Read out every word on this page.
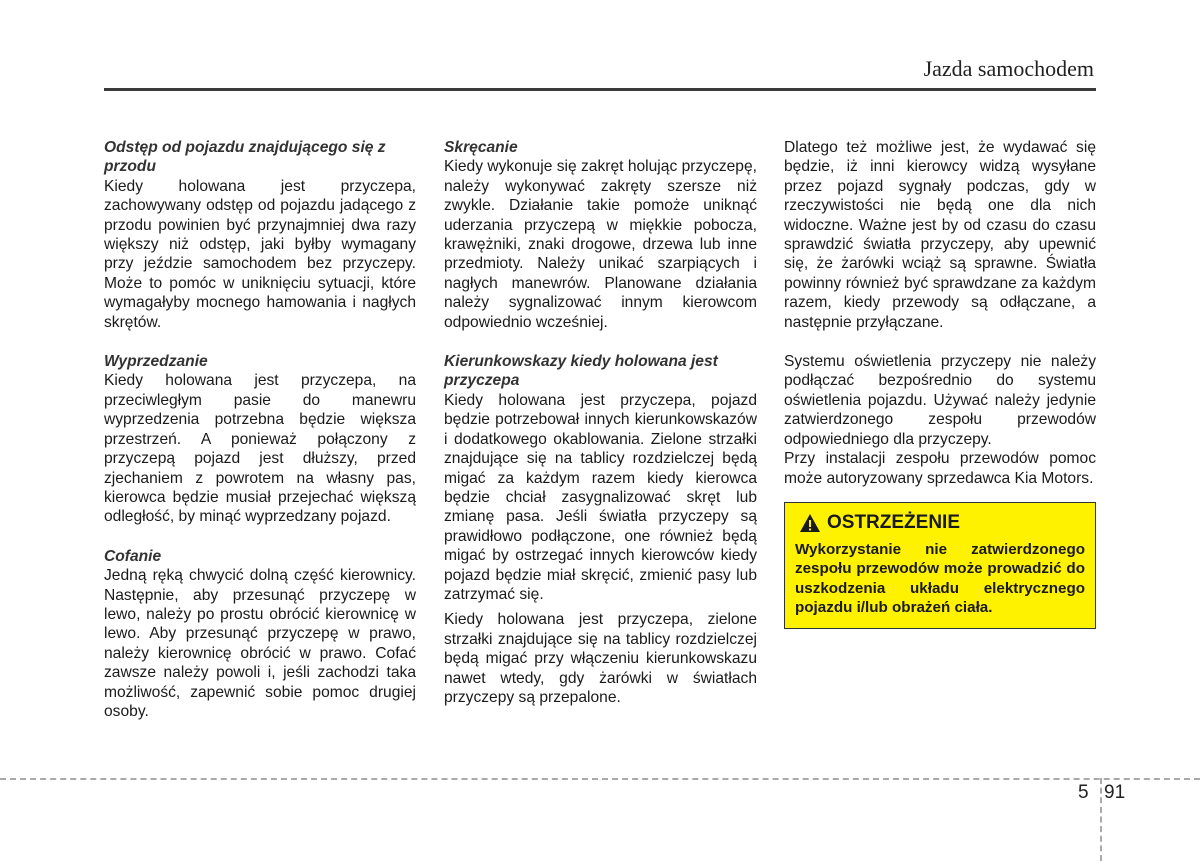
Jazda samochodem
Odstęp od pojazdu znajdującego się z przodu

Kiedy holowana jest przyczepa, zachowywany odstęp od pojazdu jadącego z przodu powinien być przynajmniej dwa razy większy niż odstęp, jaki byłby wymagany przy jeździe samochodem bez przyczepy. Może to pomóc w uniknięciu sytuacji, które wymagałyby mocnego hamowania i nagłych skrętów.

Wyprzedzanie

Kiedy holowana jest przyczepa, na przeciwległym pasie do manewru wyprzedzenia potrzebna będzie większa przestrzeń. A ponieważ połączony z przyczepą pojazd jest dłuższy, przed zjechaniem z powrotem na własny pas, kierowca będzie musiał przejechać większą odległość, by minąć wyprzedzany pojazd.

Cofanie

Jedną ręką chwycić dolną część kierownicy. Następnie, aby przesunąć przyczepę w lewo, należy po prostu obrócić kierownicę w lewo. Aby przesunąć przyczepę w prawo, należy kierownicę obrócić w prawo. Cofać zawsze należy powoli i, jeśli zachodzi taka możliwość, zapewnić sobie pomoc drugiej osoby.

Skręcanie

Kiedy wykonuje się zakręt holując przyczepę, należy wykonywać zakręty szersze niż zwykle. Działanie takie pomoże uniknąć uderzania przyczepą w miękkie pobocza, krawężniki, znaki drogowe, drzewa lub inne przedmioty. Należy unikać szarpiących i nagłych manewrów. Planowane działania należy sygnalizować innym kierowcom odpowiednio wcześniej.

Kierunkowskazy kiedy holowana jest przyczepa

Kiedy holowana jest przyczepa, pojazd będzie potrzebował innych kierunkowskazów i dodatkowego okablowania. Zielone strzałki znajdujące się na tablicy rozdzielczej będą migać za każdym razem kiedy kierowca będzie chciał zasygnalizować skręt lub zmianę pasa. Jeśli światła przyczepy są prawidłowo podłączone, one również będą migać by ostrzegać innych kierowców kiedy pojazd będzie miał skręcić, zmienić pasy lub zatrzymać się.

Kiedy holowana jest przyczepa, zielone strzałki znajdujące się na tablicy rozdzielczej będą migać przy włączeniu kierunkowskazu nawet wtedy, gdy żarówki w światłach przyczepy są przepalone.

Dlatego też możliwe jest, że wydawać się będzie, iż inni kierowcy widzą wysyłane przez pojazd sygnały podczas, gdy w rzeczywistości nie będą one dla nich widoczne. Ważne jest by od czasu do czasu sprawdzić światła przyczepy, aby upewnić się, że żarówki wciąż są sprawne. Światła powinny również być sprawdzane za każdym razem, kiedy przewody są odłączane, a następnie przyłączane.

Systemu oświetlenia przyczepy nie należy podłączać bezpośrednio do systemu oświetlenia pojazdu. Używać należy jedynie zatwierdzonego zespołu przewodów odpowiedniego dla przyczepy.

Przy instalacji zespołu przewodów pomoc może autoryzowany sprzedawca Kia Motors.

OSTRZEŻENIE

Wykorzystanie nie zatwierdzonego zespołu przewodów może prowadzić do uszkodzenia układu elektrycznego pojazdu i/lub obrażeń ciała.

5 91
